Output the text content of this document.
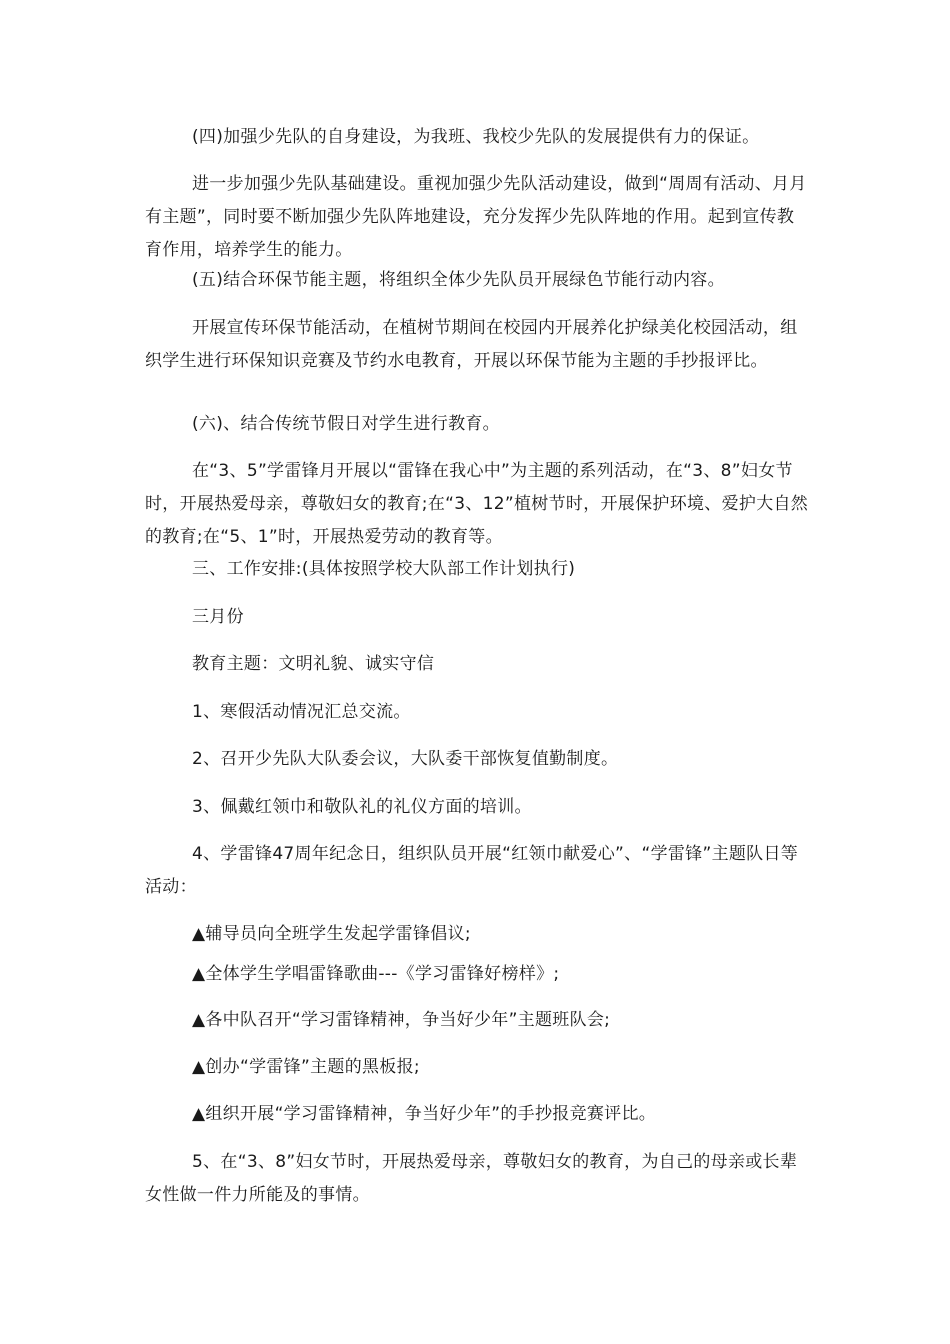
(四)加强少先队的自身建设，为我班、我校少先队的发展提供有力的保证。

进一步加强少先队基础建设。重视加强少先队活动建设，做到“周周有活动、月月有主题”，同时要不断加强少先队阵地建设，充分发挥少先队阵地的作用。起到宣传教育作用，培养学生的能力。

(五)结合环保节能主题，将组织全体少先队员开展绿色节能行动内容。

开展宣传环保节能活动，在植树节期间在校园内开展养化护绿美化校园活动，组织学生进行环保知识竞赛及节约水电教育，开展以环保节能为主题的手抄报评比。

(六)、结合传统节假日对学生进行教育。

在“3、5”学雷锋月开展以“雷锋在我心中”为主题的系列活动，在“3、8”妇女节时，开展热爱母亲，尊敬妇女的教育;在“3、12”植树节时，开展保护环境、爱护大自然的教育;在“5、1”时，开展热爱劳动的教育等。

三、工作安排:(具体按照学校大队部工作计划执行)

三月份

教育主题：文明礼貌、诚实守信

1、寒假活动情况汇总交流。

2、召开少先队大队委会议，大队委干部恢复值勤制度。

3、佩戴红领巾和敬队礼的礼仪方面的培训。

4、学雷锋47周年纪念日，组织队员开展“红领巾献爱心”、“学雷锋”主题队日等活动：

▲辅导员向全班学生发起学雷锋倡议;

▲全体学生学唱雷锋歌曲---《学习雷锋好榜样》;

▲各中队召开“学习雷锋精神，争当好少年”主题班队会;

▲创办“学雷锋”主题的黑板报;

▲组织开展“学习雷锋精神，争当好少年”的手抄报竞赛评比。

5、在“3、8”妇女节时，开展热爱母亲，尊敬妇女的教育，为自己的母亲或长辈女性做一件力所能及的事情。
